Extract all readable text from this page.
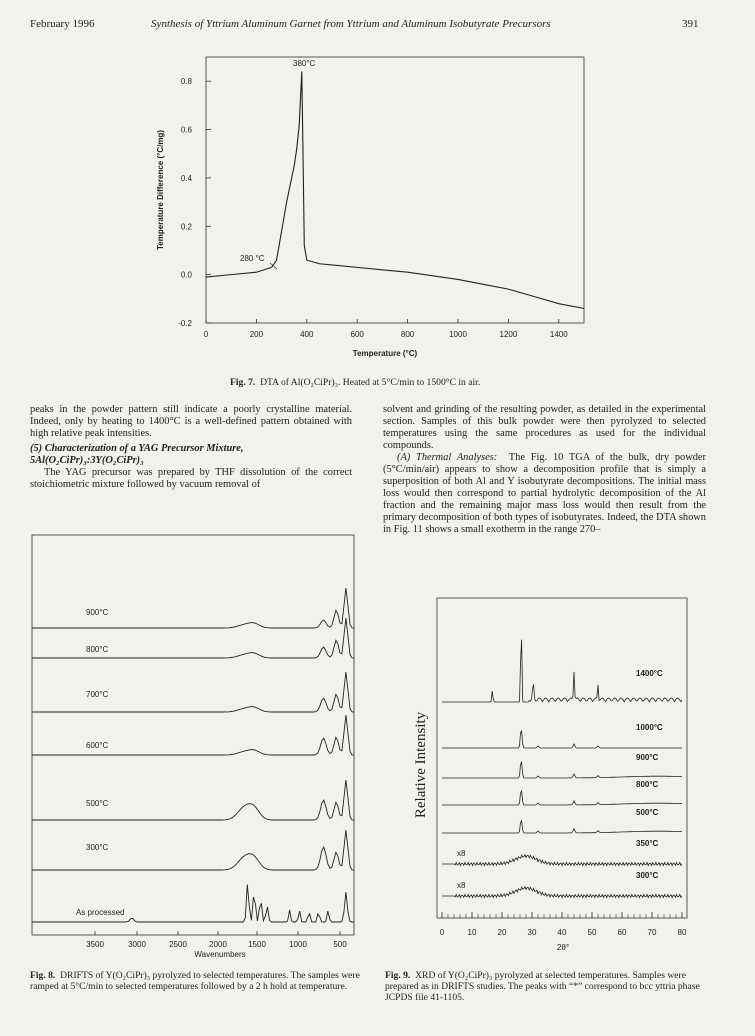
February 1996	Synthesis of Yttrium Aluminum Garnet from Yttrium and Aluminum Isobutyrate Precursors	391
-0.2
0.0
0.2
0.4
0.6
0.8
0	200	400	600	800	1000	1200	1400
380°C
280 °C
Temperature (°C)
Temperature Difference (°C/mg)
Fig. 7. DTA of Al(O₂CiPr)₃. Heated at 5°C/min to 1500°C in air.
peaks in the powder pattern still indicate a poorly crystalline material. Indeed, only by heating to 1400°C is a well-defined pattern obtained with high relative peak intensities.
(5) Characterization of a YAG Precursor Mixture, 5Al(O₂CiPr)₃:3Y(O₂CiPr)₃
The YAG precursor was prepared by THF dissolution of the correct stoichiometric mixture followed by vacuum removal of
solvent and grinding of the resulting powder, as detailed in the experimental section. Samples of this bulk powder were then pyrolyzed to selected temperatures using the same procedures as used for the individual compounds.
(A) Thermal Analyses: The Fig. 10 TGA of the bulk, dry powder (5°C/min/air) appears to show a decomposition profile that is simply a superposition of both Al and Y isobutyrate decompositions. The initial mass loss would then correspond to partial hydrolytic decomposition of the Al fraction and the remaining major mass loss would then result from the primary decomposition of both types of isobutyrates. Indeed, the DTA shown in Fig. 11 shows a small exotherm in the range 270–
900°C
800°C
700°C
600°C
500°C
300°C
As processed
3500	3000	2500	2000	1500	1000	500
Wavenumbers
Fig. 8. DRIFTS of Y(O₂CiPr)₃ pyrolyzed to selected temperatures. The samples were ramped at 5°C/min to selected temperatures followed by a 2 h hold at temperature.
1400°C
1000°C
900°C
800°C
500°C
350°C
300°C
x8
x8
0	10	20	30	40	50	60	70	80
2θ°
Relative Intensity
Fig. 9. XRD of Y(O₂CiPr)₃ pyrolyzed at selected temperatures. Samples were prepared as in DRIFTS studies. The peaks with “*” correspond to bcc yttria phase JCPDS file 41-1105.
